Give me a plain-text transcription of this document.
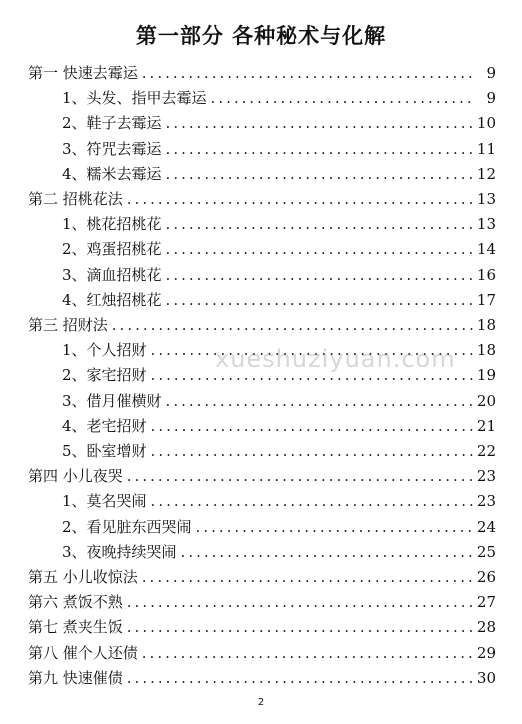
第一部分 各种秘术与化解
第一 快速去霉运 .....	9
1、头发、指甲去霉运 .....	9
2、鞋子去霉运 .....	10
3、符咒去霉运 .....	11
4、糯米去霉运 .....	12
第二 招桃花法 .....	13
1、桃花招桃花 .....	13
2、鸡蛋招桃花 .....	14
3、滴血招桃花 .....	16
4、红烛招桃花 .....	17
第三 招财法 .....	18
1、个人招财 .....	18
2、家宅招财 .....	19
3、借月催横财 .....	20
4、老宅招财 .....	21
5、卧室增财 .....	22
第四 小儿夜哭 .....	23
1、莫名哭闹 .....	23
2、看见脏东西哭闹 .....	24
3、夜晚持续哭闹 .....	25
第五 小儿收惊法 .....	26
第六 煮饭不熟 .....	27
第七 煮夹生饭 .....	28
第八 催个人还债 .....	29
第九 快速催债 .....	30
xueshuziyuan.com
2
